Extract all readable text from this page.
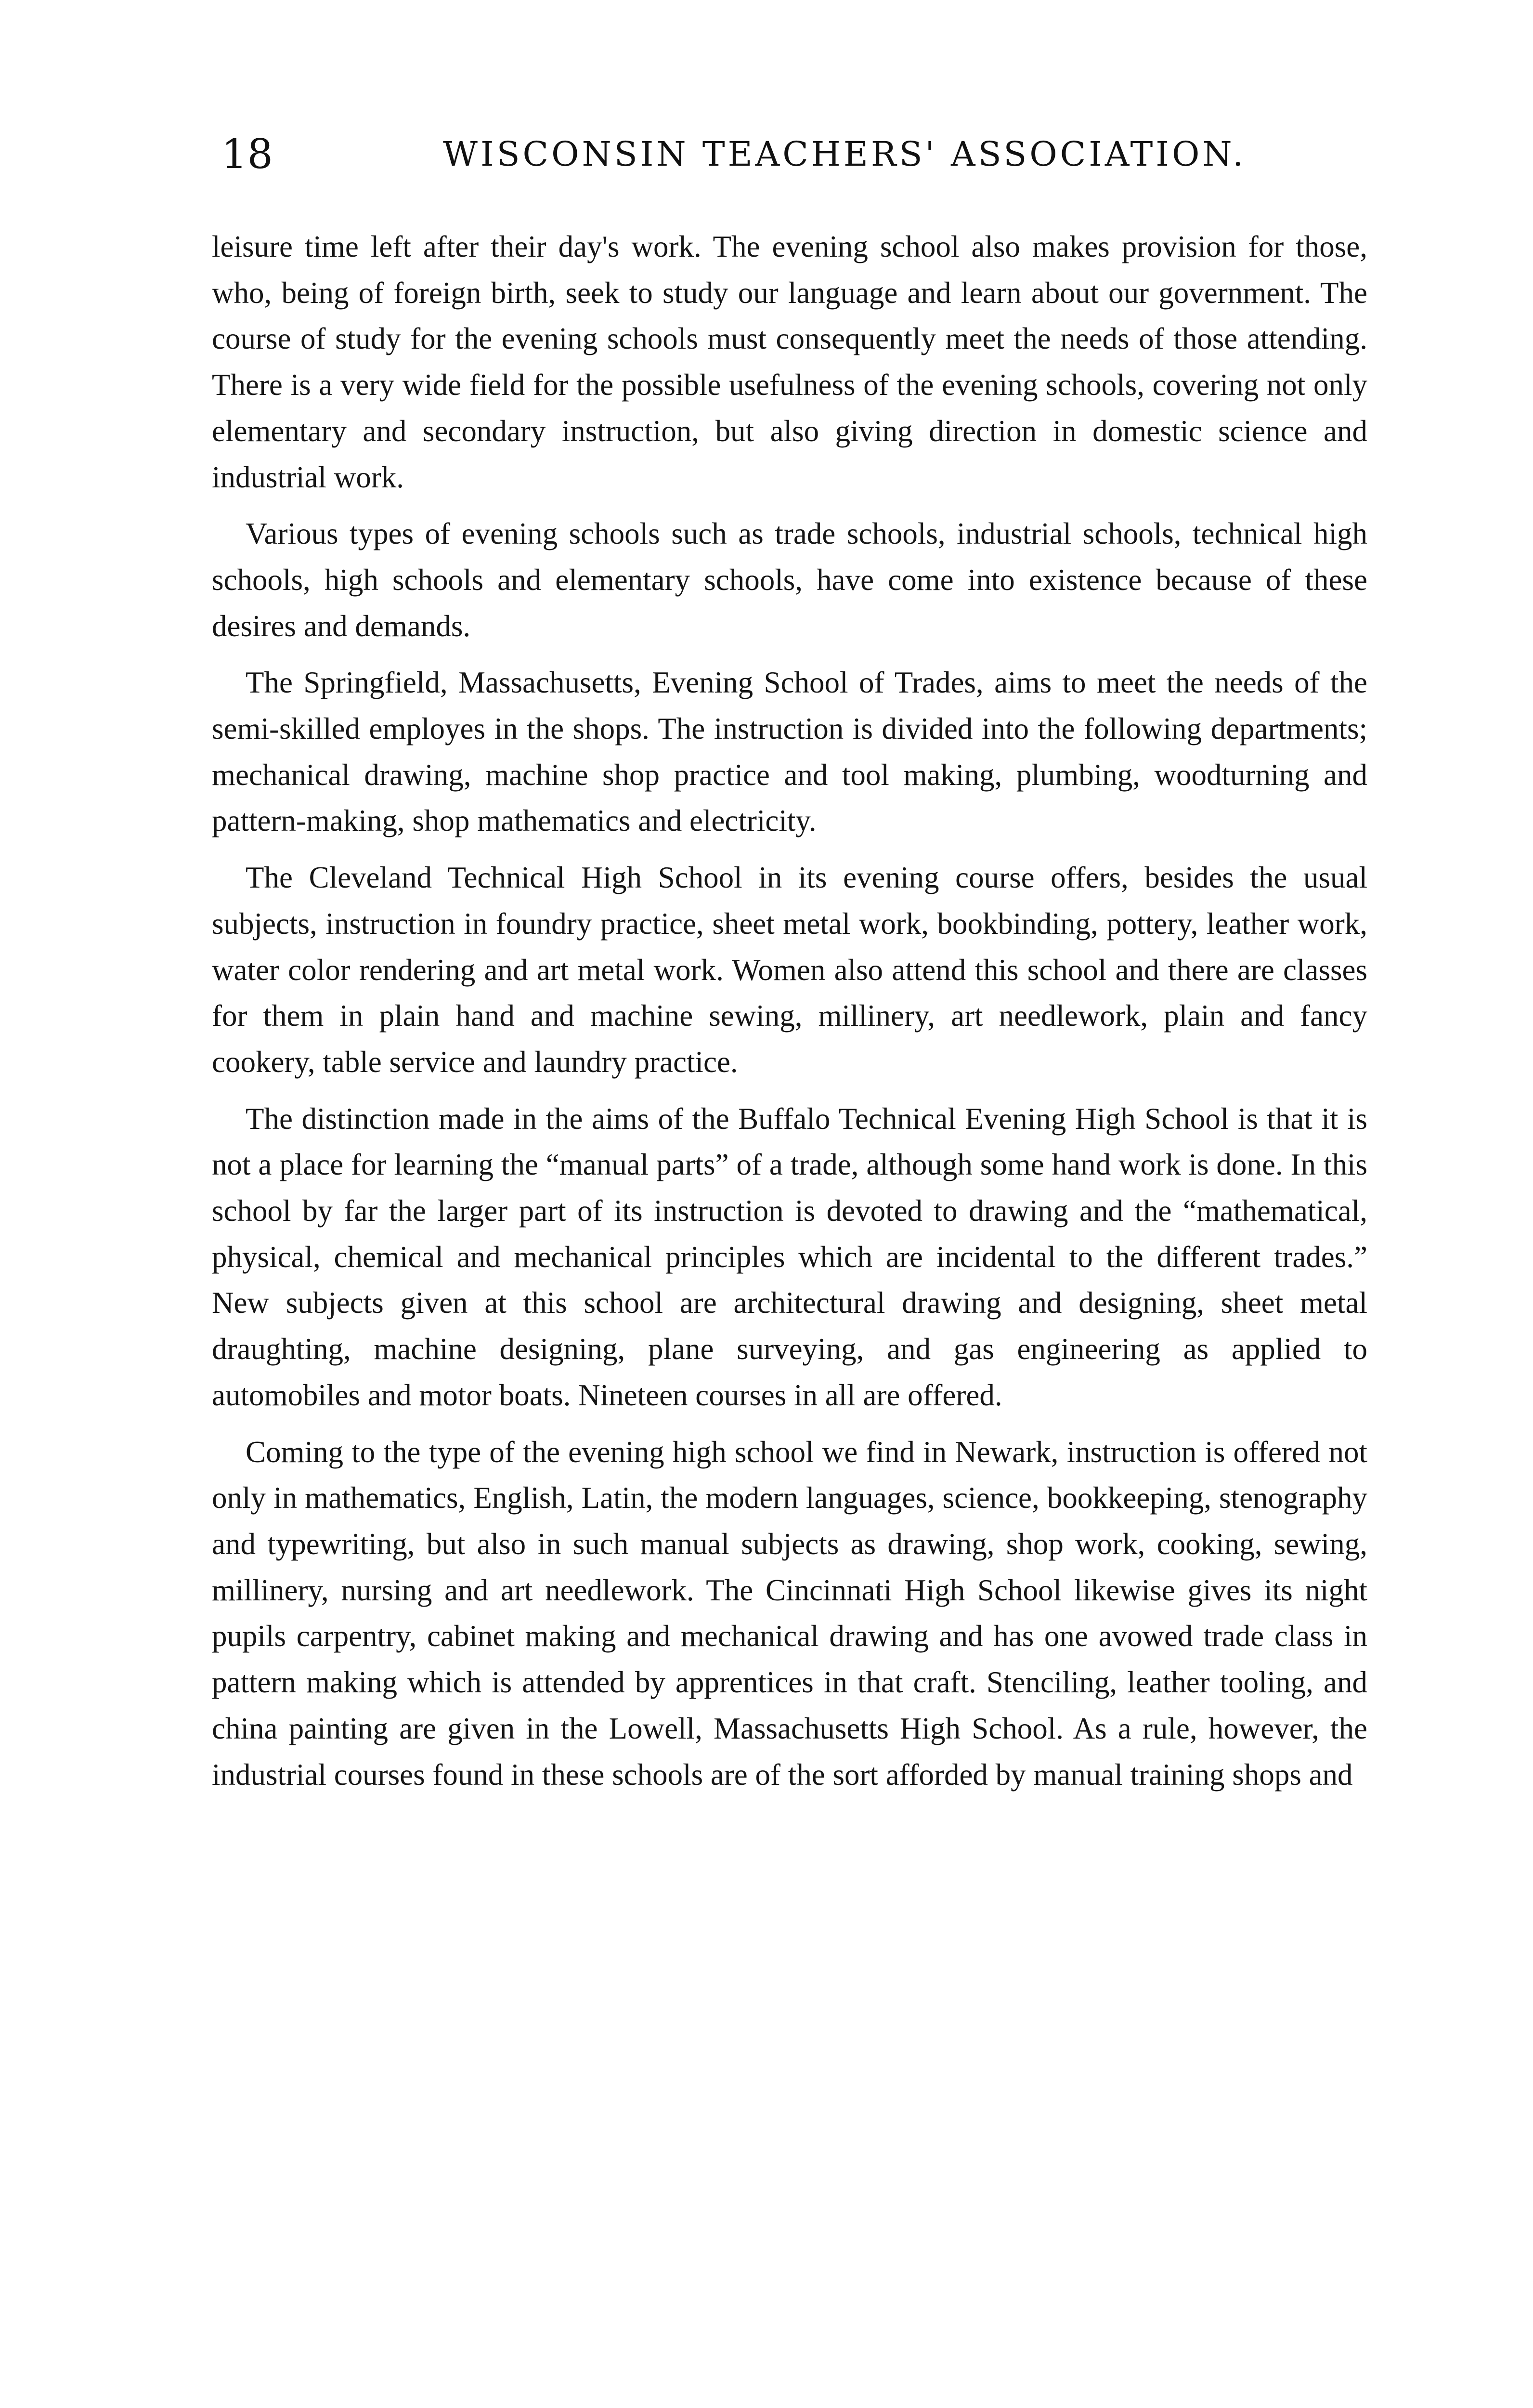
18	WISCONSIN TEACHERS' ASSOCIATION.

leisure time left after their day's work. The evening school also makes provision for those, who, being of foreign birth, seek to study our language and learn about our government. The course of study for the evening schools must consequently meet the needs of those attending. There is a very wide field for the possible usefulness of the evening schools, covering not only elementary and secondary instruction, but also giving direction in domestic science and industrial work.

Various types of evening schools such as trade schools, industrial schools, technical high schools, high schools and elementary schools, have come into existence because of these desires and demands.

The Springfield, Massachusetts, Evening School of Trades, aims to meet the needs of the semi-skilled employes in the shops. The instruction is divided into the following departments; mechanical drawing, machine shop practice and tool making, plumbing, woodturning and pattern-making, shop mathematics and electricity.

The Cleveland Technical High School in its evening course offers, besides the usual subjects, instruction in foundry practice, sheet metal work, bookbinding, pottery, leather work, water color rendering and art metal work. Women also attend this school and there are classes for them in plain hand and machine sewing, millinery, art needlework, plain and fancy cookery, table service and laundry practice.

The distinction made in the aims of the Buffalo Technical Evening High School is that it is not a place for learning the “manual parts” of a trade, although some hand work is done. In this school by far the larger part of its instruction is devoted to drawing and the “mathematical, physical, chemical and mechanical principles which are incidental to the different trades.” New subjects given at this school are architectural drawing and designing, sheet metal draughting, machine designing, plane surveying, and gas engineering as applied to automobiles and motor boats. Nineteen courses in all are offered.

Coming to the type of the evening high school we find in Newark, instruction is offered not only in mathematics, English, Latin, the modern languages, science, bookkeeping, stenography and typewriting, but also in such manual subjects as drawing, shop work, cooking, sewing, millinery, nursing and art needlework. The Cincinnati High School likewise gives its night pupils carpentry, cabinet making and mechanical drawing and has one avowed trade class in pattern making which is attended by apprentices in that craft. Stenciling, leather tooling, and china painting are given in the Lowell, Massachusetts High School. As a rule, however, the industrial courses found in these schools are of the sort afforded by manual training shops and
